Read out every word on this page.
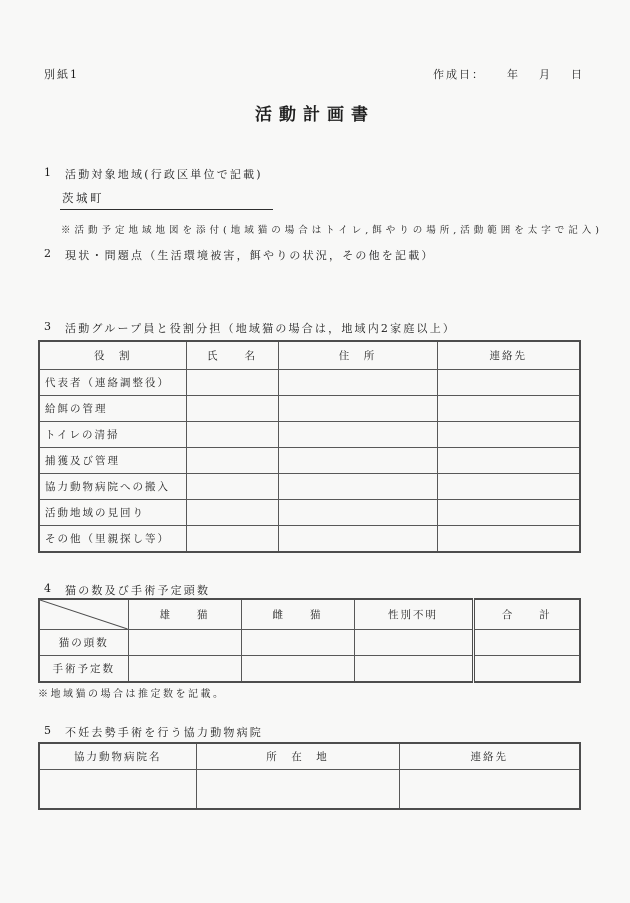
別紙1	作成日： 年 月 日
活動計画書
1	活動対象地域(行政区単位で記載)
茨城町
※活動予定地域地図を添付(地域猫の場合はトイレ,餌やりの場所,活動範囲を太字で記入)
2	現状・問題点（生活環境被害，餌やりの状況，その他を記載）
3	活動グループ員と役割分担（地域猫の場合は，地域内2家庭以上）
役　割	氏　　名	住　所	連絡先
代表者（連絡調整役）			
給餌の管理			
トイレの清掃			
捕獲及び管理			
協力動物病院への搬入			
活動地域の見回り			
その他（里親探し等）			
4	猫の数及び手術予定頭数
	雄　　猫	雌　　猫	性別不明	合　　計
猫の頭数				
手術予定数				
※地域猫の場合は推定数を記載。
5	不妊去勢手術を行う協力動物病院
協力動物病院名	所　在　地	連絡先
